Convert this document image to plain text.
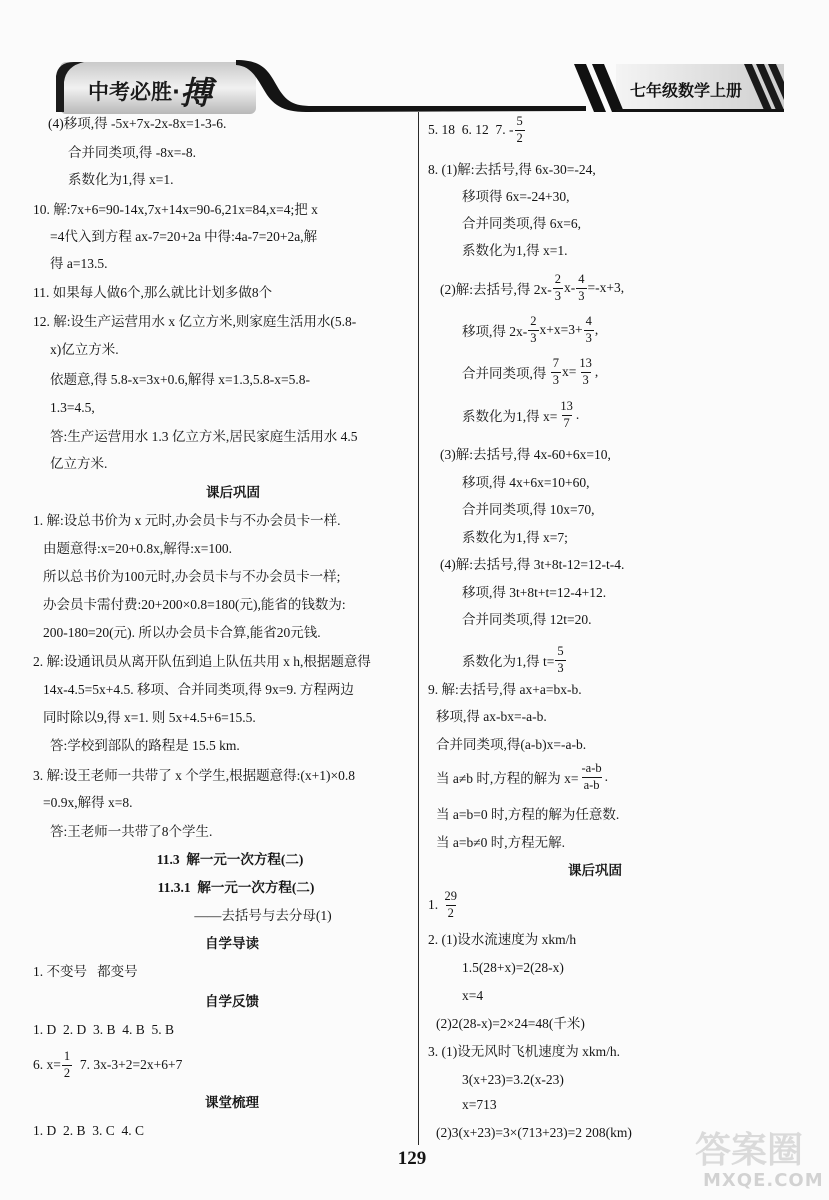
中考必胜·搏	七年级数学上册
(4)移项,得 -5x+7x-2x-8x=1-3-6.
合并同类项,得 -8x=-8.
系数化为1,得 x=1.
10. 解:7x+6=90-14x,7x+14x=90-6,21x=84,x=4;把 x
=4代入到方程 ax-7=20+2a 中得:4a-7=20+2a,解
得 a=13.5.
11. 如果每人做6个,那么就比计划多做8个
12. 解:设生产运营用水 x 亿立方米,则家庭生活用水(5.8-
x)亿立方米.
依题意,得 5.8-x=3x+0.6,解得 x=1.3,5.8-x=5.8-
1.3=4.5,
答:生产运营用水 1.3 亿立方米,居民家庭生活用水 4.5
亿立方米.
课后巩固
1. 解:设总书价为 x 元时,办会员卡与不办会员卡一样.
由题意得:x=20+0.8x,解得:x=100.
所以总书价为100元时,办会员卡与不办会员卡一样;
办会员卡需付费:20+200×0.8=180(元),能省的钱数为:
200-180=20(元). 所以办会员卡合算,能省20元钱.
2. 解:设通讯员从离开队伍到追上队伍共用 x h,根据题意得
14x-4.5=5x+4.5. 移项、合并同类项,得 9x=9. 方程两边
同时除以9,得 x=1. 则 5x+4.5+6=15.5.
答:学校到部队的路程是 15.5 km.
3. 解:设王老师一共带了 x 个学生,根据题意得:(x+1)×0.8
=0.9x,解得 x=8.
答:王老师一共带了8个学生.
11.3  解一元一次方程(二)
11.3.1  解一元一次方程(二)
——去括号与去分母(1)
自学导读
1. 不变号   都变号
自学反馈
1. D  2. D  3. B  4. B  5. B
6. $x= \frac{1}{2} 7$. 3x-3+2=2x+6+7
课堂梳理
1. D  2. B  3. C  4. C
5. 18  6. 12  7. - $\frac{5}{2}$
8. (1)解:去括号,得 6x-30=-24,
移项得 6x=-24+30,
合并同类项,得 6x=6,
系数化为1,得 x=1.
(2)解:去括号,得 $2x- \frac{2}{3} x- \frac{4}{3} =-x+3$,
移项,得 $2x- \frac{2}{3} x+x=3+ \frac{4}{3}$ ,
合并同类项,得 $\frac{7}{3} x= \frac{13}{3}$ ,
系数化为1,得 $x= \frac{13}{7}$ .
(3)解:去括号,得 4x-60+6x=10,
移项,得 4x+6x=10+60,
合并同类项,得 10x=70,
系数化为1,得 x=7;
(4)解:去括号,得 3t+8t-12=12-t-4.
移项,得 3t+8t+t=12-4+12.
合并同类项,得 12t=20.
系数化为1,得 $t= \frac{5}{3}$
9. 解:去括号,得 ax+a=bx-b.
移项,得 ax-bx=-a-b.
合并同类项,得(a-b)x=-a-b.
当 a≠b 时,方程的解为 $x= \frac{-a-b}{a-b}$ .
当 a=b=0 时,方程的解为任意数.
当 a=b≠0 时,方程无解.
课后巩固
1. $\frac{29}{2}$
2. (1)设水流速度为 xkm/h
1.5(28+x)=2(28-x)
x=4
(2)2(28-x)=2×24=48(千米)
3. (1)设无风时飞机速度为 xkm/h.
3(x+23)=3.2(x-23)
x=713
(2)3(x+23)=3×(713+23)=2 208(km)
129	答案圈
MXQE.COM
